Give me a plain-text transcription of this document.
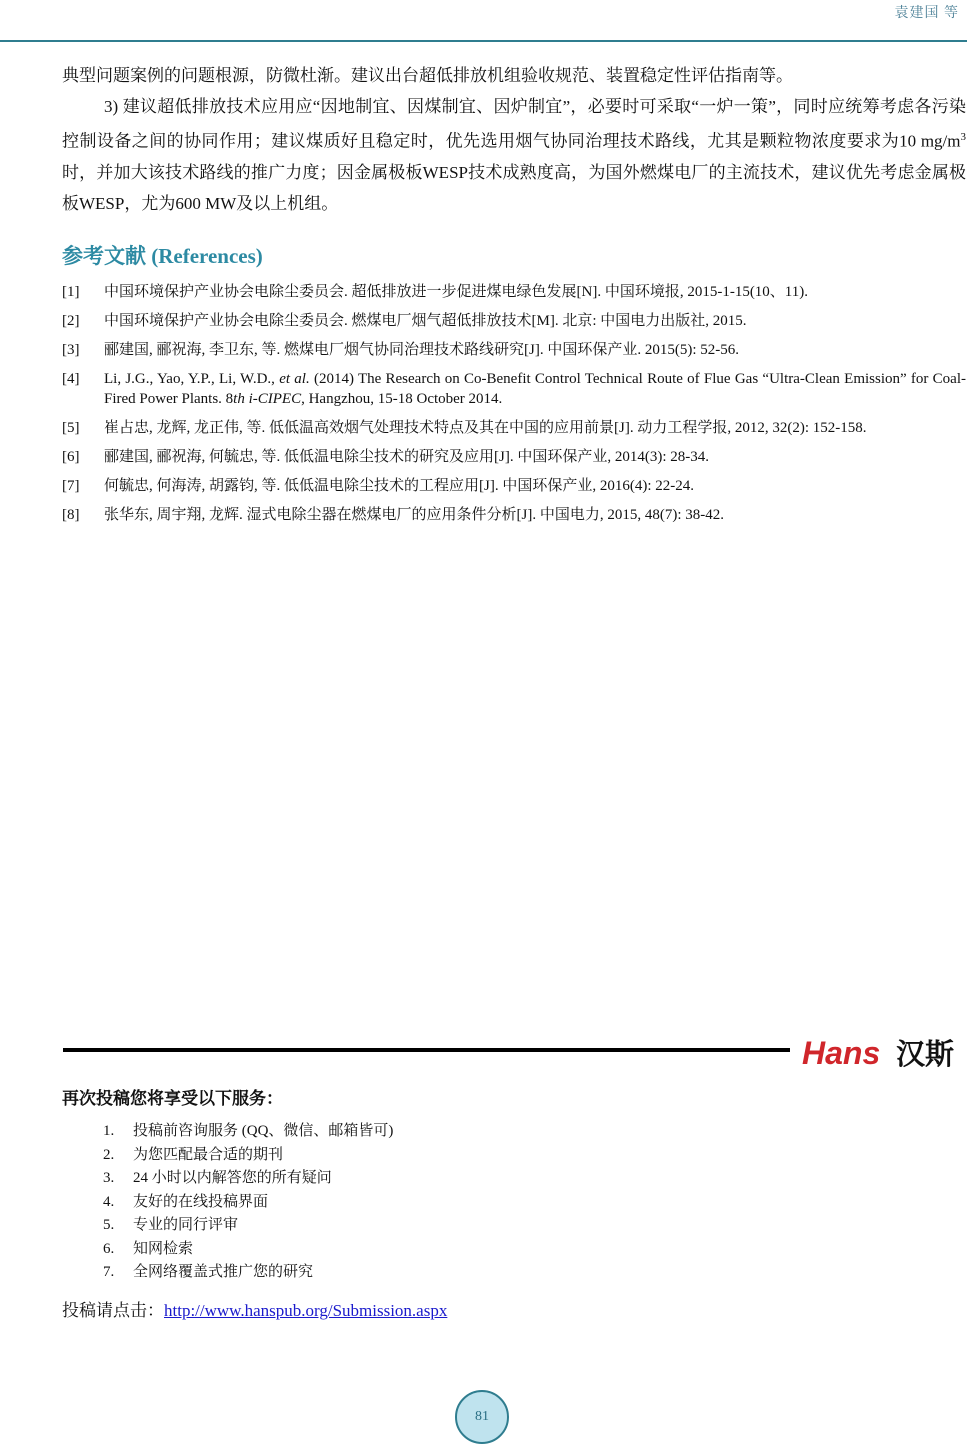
袁建国 等

典型问题案例的问题根源，防微杜渐。建议出台超低排放机组验收规范、装置稳定性评估指南等。

3) 建议超低排放技术应用应“因地制宜、因煤制宜、因炉制宜”，必要时可采取“一炉一策”，同时应统筹考虑各污染控制设备之间的协同作用；建议煤质好且稳定时，优先选用烟气协同治理技术路线，尤其是颗粒物浓度要求为10 $mg/m^3$时，并加大该技术路线的推广力度；因金属极板WESP技术成熟度高，为国外燃煤电厂的主流技术，建议优先考虑金属极板WESP，尤为600 MW及以上机组。

参考文献 (References)
[1] 中国环境保护产业协会电除尘委员会. 超低排放进一步促进煤电绿色发展[N]. 中国环境报, 2015-1-15(10、11).
[2] 中国环境保护产业协会电除尘委员会. 燃煤电厂烟气超低排放技术[M]. 北京: 中国电力出版社, 2015.
[3] 郦建国, 郦祝海, 李卫东, 等. 燃煤电厂烟气协同治理技术路线研究[J]. 中国环保产业. 2015(5): 52-56.
[4] Li, J.G., Yao, Y.P., Li, W.D., et al. (2014) The Research on Co-Benefit Control Technical Route of Flue Gas “Ultra-Clean Emission” for Coal-Fired Power Plants. 8th i-CIPEC, Hangzhou, 15-18 October 2014.
[5] 崔占忠, 龙辉, 龙正伟, 等. 低低温高效烟气处理技术特点及其在中国的应用前景[J]. 动力工程学报, 2012, 32(2): 152-158.
[6] 郦建国, 郦祝海, 何毓忠, 等. 低低温电除尘技术的研究及应用[J]. 中国环保产业, 2014(3): 28-34.
[7] 何毓忠, 何海涛, 胡露钧, 等. 低低温电除尘技术的工程应用[J]. 中国环保产业, 2016(4): 22-24.
[8] 张华东, 周宇翔, 龙辉. 湿式电除尘器在燃煤电厂的应用条件分析[J]. 中国电力, 2015, 48(7): 38-42.
Hans 汉斯
再次投稿您将享受以下服务：
1. 投稿前咨询服务 (QQ、微信、邮箱皆可)
2. 为您匹配最合适的期刊
3. 24 小时以内解答您的所有疑问
4. 友好的在线投稿界面
5. 专业的同行评审
6. 知网检索
7. 全网络覆盖式推广您的研究
投稿请点击：http://www.hanspub.org/Submission.aspx
81
